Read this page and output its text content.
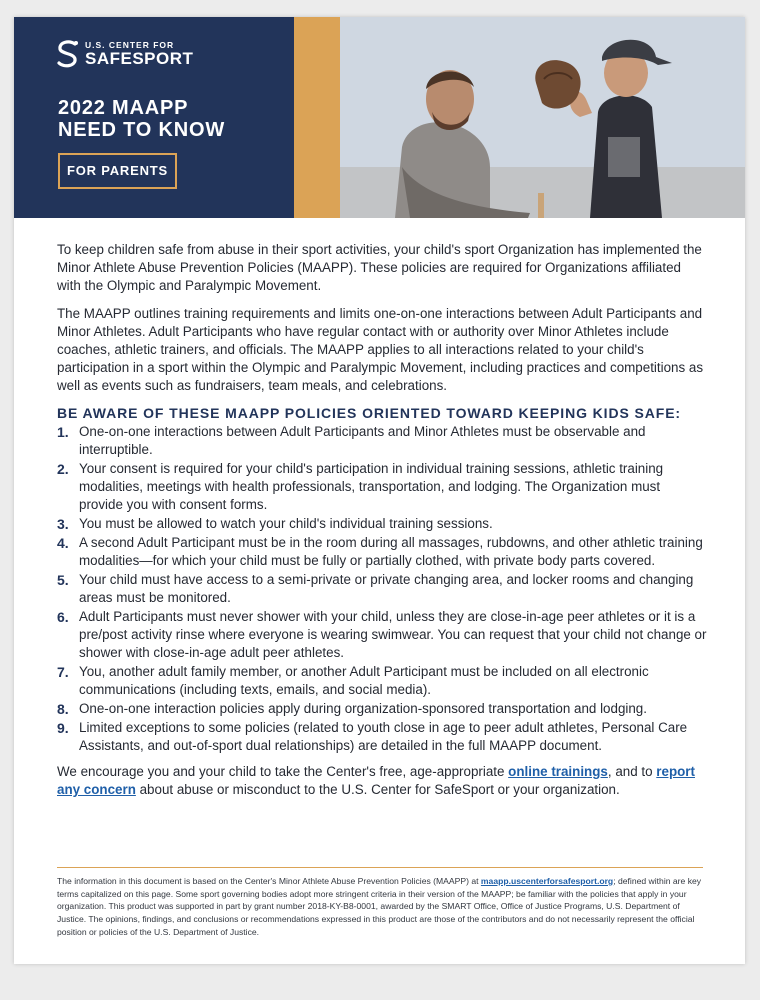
U.S. CENTER FOR
SAFESPORT
2022 MAAPP
NEED TO KNOW
FOR PARENTS

To keep children safe from abuse in their sport activities, your child's sport Organization has implemented the Minor Athlete Abuse Prevention Policies (MAAPP). These policies are required for Organizations affiliated with the Olympic and Paralympic Movement.

The MAAPP outlines training requirements and limits one-on-one interactions between Adult Participants and Minor Athletes. Adult Participants who have regular contact with or authority over Minor Athletes include coaches, athletic trainers, and officials. The MAAPP applies to all interactions related to your child's participation in a sport within the Olympic and Paralympic Movement, including practices and competitions as well as events such as fundraisers, team meals, and celebrations.

BE AWARE OF THESE MAAPP POLICIES ORIENTED TOWARD KEEPING KIDS SAFE:
1. One-on-one interactions between Adult Participants and Minor Athletes must be observable and interruptible.
2. Your consent is required for your child's participation in individual training sessions, athletic training modalities, meetings with health professionals, transportation, and lodging. The Organization must provide you with consent forms.
3. You must be allowed to watch your child's individual training sessions.
4. A second Adult Participant must be in the room during all massages, rubdowns, and other athletic training modalities—for which your child must be fully or partially clothed, with private body parts covered.
5. Your child must have access to a semi-private or private changing area, and locker rooms and changing areas must be monitored.
6. Adult Participants must never shower with your child, unless they are close-in-age peer athletes or it is a pre/post activity rinse where everyone is wearing swimwear. You can request that your child not change or shower with close-in-age adult peer athletes.
7. You, another adult family member, or another Adult Participant must be included on all electronic communications (including texts, emails, and social media).
8. One-on-one interaction policies apply during organization-sponsored transportation and lodging.
9. Limited exceptions to some policies (related to youth close in age to peer adult athletes, Personal Care Assistants, and out-of-sport dual relationships) are detailed in the full MAAPP document.

We encourage you and your child to take the Center's free, age-appropriate online trainings, and to report any concern about abuse or misconduct to the U.S. Center for SafeSport or your organization.

The information in this document is based on the Center's Minor Athlete Abuse Prevention Policies (MAAPP) at maapp.uscenterforsafesport.org; defined within are key terms capitalized on this page. Some sport governing bodies adopt more stringent criteria in their version of the MAAPP; be familiar with the policies that apply in your organization. This product was supported in part by grant number 2018-KY-B8-0001, awarded by the SMART Office, Office of Justice Programs, U.S. Department of Justice. The opinions, findings, and conclusions or recommendations expressed in this product are those of the contributors and do not necessarily represent the official position or policies of the U.S. Department of Justice.
